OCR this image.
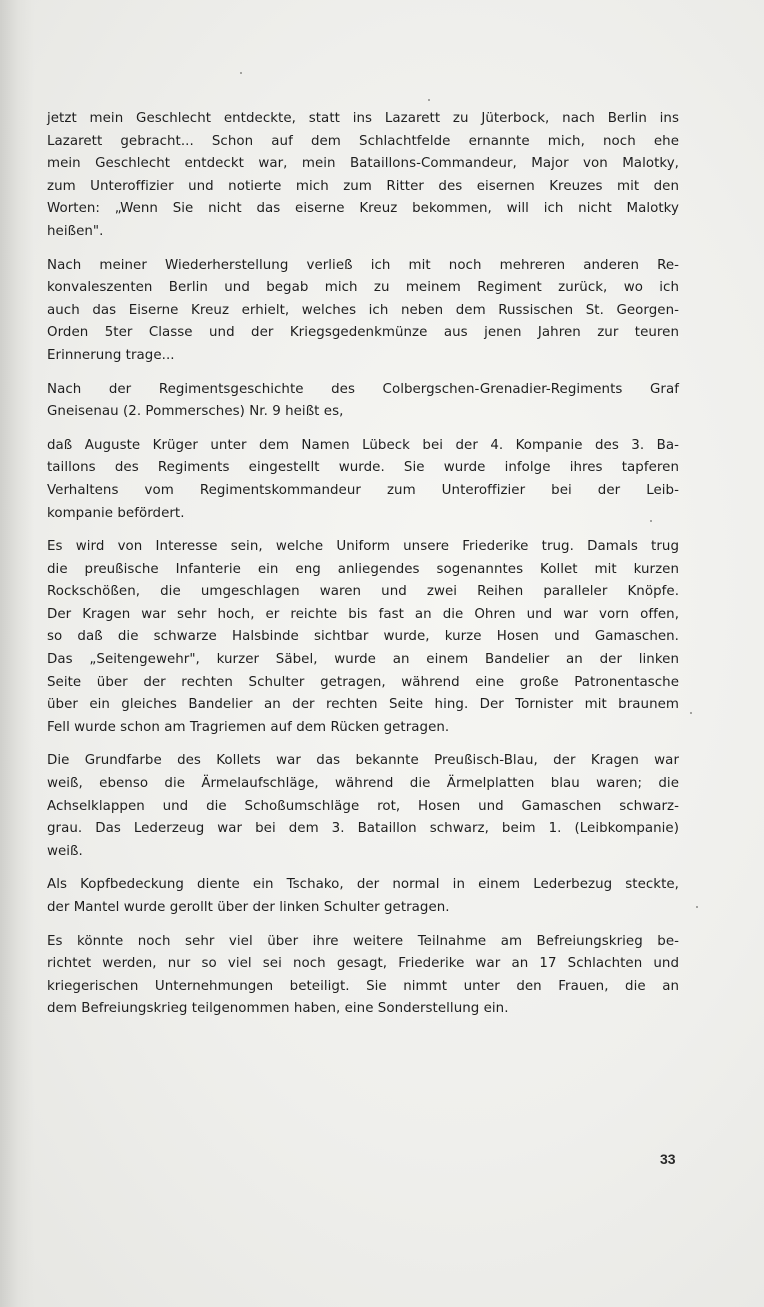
jetzt mein Geschlecht entdeckte, statt ins Lazarett zu Jüterbock, nach Berlin ins
Lazarett gebracht... Schon auf dem Schlachtfelde ernannte mich, noch ehe
mein Geschlecht entdeckt war, mein Bataillons-Commandeur, Major von Malotky,
zum Unteroffizier und notierte mich zum Ritter des eisernen Kreuzes mit den
Worten: „Wenn Sie nicht das eiserne Kreuz bekommen, will ich nicht Malotky
heißen".

Nach meiner Wiederherstellung verließ ich mit noch mehreren anderen Re-
konvaleszenten Berlin und begab mich zu meinem Regiment zurück, wo ich
auch das Eiserne Kreuz erhielt, welches ich neben dem Russischen St. Georgen-
Orden 5ter Classe und der Kriegsgedenkmünze aus jenen Jahren zur teuren
Erinnerung trage...

Nach der Regimentsgeschichte des Colbergschen-Grenadier-Regiments Graf
Gneisenau (2. Pommersches) Nr. 9 heißt es,

daß Auguste Krüger unter dem Namen Lübeck bei der 4. Kompanie des 3. Ba-
taillons des Regiments eingestellt wurde. Sie wurde infolge ihres tapferen
Verhaltens vom Regimentskommandeur zum Unteroffizier bei der Leib-
kompanie befördert.

Es wird von Interesse sein, welche Uniform unsere Friederike trug. Damals trug
die preußische Infanterie ein eng anliegendes sogenanntes Kollet mit kurzen
Rockschößen, die umgeschlagen waren und zwei Reihen paralleler Knöpfe.
Der Kragen war sehr hoch, er reichte bis fast an die Ohren und war vorn offen,
so daß die schwarze Halsbinde sichtbar wurde, kurze Hosen und Gamaschen.
Das „Seitengewehr", kurzer Säbel, wurde an einem Bandelier an der linken
Seite über der rechten Schulter getragen, während eine große Patronentasche
über ein gleiches Bandelier an der rechten Seite hing. Der Tornister mit braunem
Fell wurde schon am Tragriemen auf dem Rücken getragen.

Die Grundfarbe des Kollets war das bekannte Preußisch-Blau, der Kragen war
weiß, ebenso die Ärmelaufschläge, während die Ärmelplatten blau waren; die
Achselklappen und die Schoßumschläge rot, Hosen und Gamaschen schwarz-
grau. Das Lederzeug war bei dem 3. Bataillon schwarz, beim 1. (Leibkompanie)
weiß.

Als Kopfbedeckung diente ein Tschako, der normal in einem Lederbezug steckte,
der Mantel wurde gerollt über der linken Schulter getragen.

Es könnte noch sehr viel über ihre weitere Teilnahme am Befreiungskrieg be-
richtet werden, nur so viel sei noch gesagt, Friederike war an 17 Schlachten und
kriegerischen Unternehmungen beteiligt. Sie nimmt unter den Frauen, die an
dem Befreiungskrieg teilgenommen haben, eine Sonderstellung ein.

33
